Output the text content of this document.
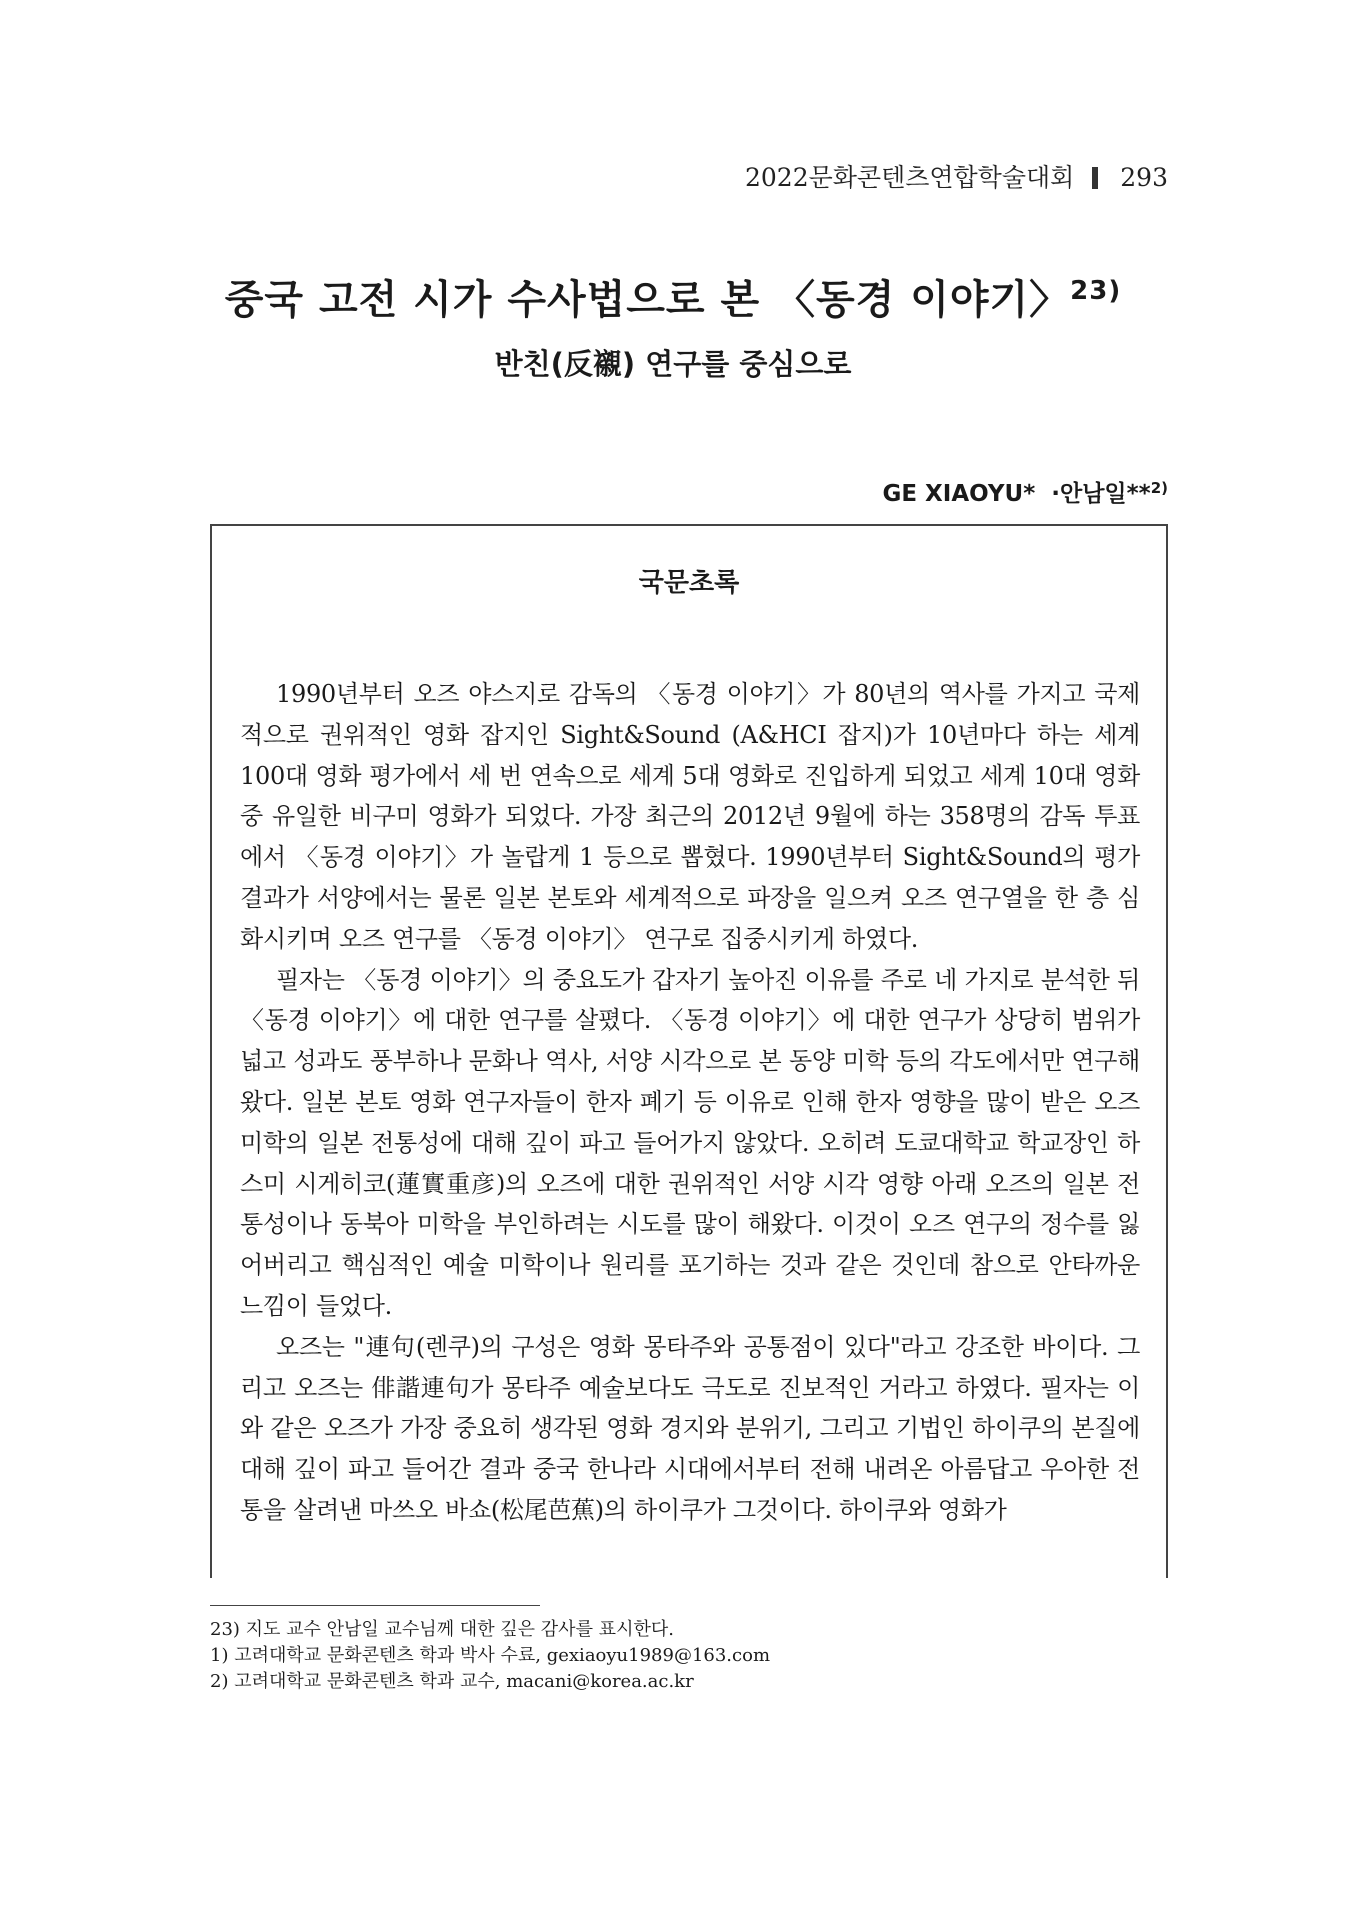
2022문화콘텐츠연합학술대회 293
중국 고전 시가 수사법으로 본 〈동경 이야기〉$^{23)}$
반친(反襯) 연구를 중심으로
GE XIAOYU* ·안남일**$^{2)}$
국문초록

1990년부터 오즈 야스지로 감독의 〈동경 이야기〉가 80년의 역사를 가지고 국제적으로 권위적인 영화 잡지인 Sight&Sound (A&HCI 잡지)가 10년마다 하는 세계 100대 영화 평가에서 세 번 연속으로 세계 5대 영화로 진입하게 되었고 세계 10대 영화 중 유일한 비구미 영화가 되었다. 가장 최근의 2012년 9월에 하는 358명의 감독 투표에서 〈동경 이야기〉가 놀랍게 1 등으로 뽑혔다. 1990년부터 Sight&Sound의 평가 결과가 서양에서는 물론 일본 본토와 세계적으로 파장을 일으켜 오즈 연구열을 한 층 심화시키며 오즈 연구를 〈동경 이야기〉 연구로 집중시키게 하였다.

필자는 〈동경 이야기〉의 중요도가 갑자기 높아진 이유를 주로 네 가지로 분석한 뒤 〈동경 이야기〉에 대한 연구를 살폈다. 〈동경 이야기〉에 대한 연구가 상당히 범위가 넓고 성과도 풍부하나 문화나 역사, 서양 시각으로 본 동양 미학 등의 각도에서만 연구해왔다. 일본 본토 영화 연구자들이 한자 폐기 등 이유로 인해 한자 영향을 많이 받은 오즈 미학의 일본 전통성에 대해 깊이 파고 들어가지 않았다. 오히려 도쿄대학교 학교장인 하스미 시게히코(蓮實重彦)의 오즈에 대한 권위적인 서양 시각 영향 아래 오즈의 일본 전통성이나 동북아 미학을 부인하려는 시도를 많이 해왔다. 이것이 오즈 연구의 정수를 잃어버리고 핵심적인 예술 미학이나 원리를 포기하는 것과 같은 것인데 참으로 안타까운 느낌이 들었다.

오즈는 "連句(렌쿠)의 구성은 영화 몽타주와 공통점이 있다"라고 강조한 바이다. 그리고 오즈는 俳諧連句가 몽타주 예술보다도 극도로 진보적인 거라고 하였다. 필자는 이와 같은 오즈가 가장 중요히 생각된 영화 경지와 분위기, 그리고 기법인 하이쿠의 본질에 대해 깊이 파고 들어간 결과 중국 한나라 시대에서부터 전해 내려온 아름답고 우아한 전통을 살려낸 마쓰오 바쇼(松尾芭蕉)의 하이쿠가 그것이다. 하이쿠와 영화가

23) 지도 교수 안남일 교수님께 대한 깊은 감사를 표시한다.
1) 고려대학교 문화콘텐츠 학과 박사 수료, gexiaoyu1989@163.com
2) 고려대학교 문화콘텐츠 학과 교수, macani@korea.ac.kr
